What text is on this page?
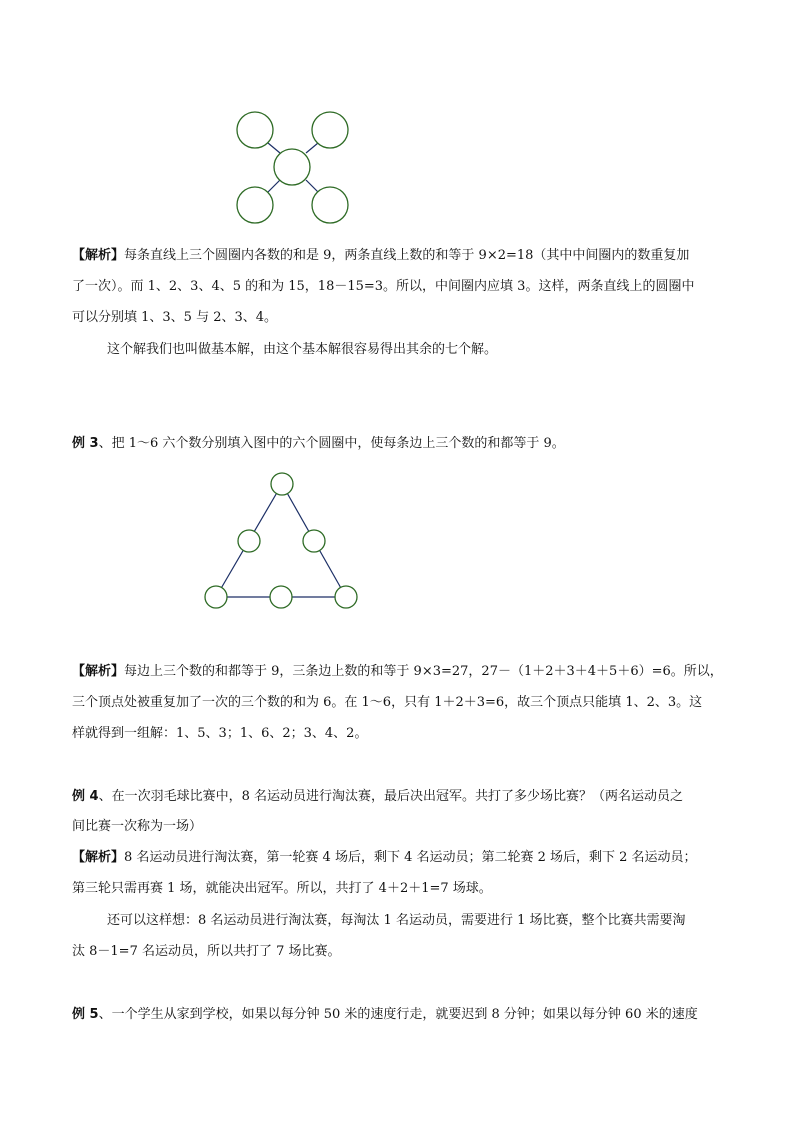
【解析】每条直线上三个圆圈内各数的和是 9，两条直线上数的和等于 9×2=18（其中中间圈内的数重复加
了一次）。而 1、2、3、4、5 的和为 15，18－15=3。所以，中间圈内应填 3。这样，两条直线上的圆圈中
可以分别填 1、3、5 与 2、3、4。
这个解我们也叫做基本解，由这个基本解很容易得出其余的七个解。
例 3、把 1～6 六个数分别填入图中的六个圆圈中，使每条边上三个数的和都等于 9。
【解析】每边上三个数的和都等于 9，三条边上数的和等于 9×3=27，27－（1＋2＋3＋4＋5＋6）=6。所以，
三个顶点处被重复加了一次的三个数的和为 6。在 1～6，只有 1＋2＋3=6，故三个顶点只能填 1、2、3。这
样就得到一组解：1、5、3；1、6、2；3、4、2。
例 4、在一次羽毛球比赛中，8 名运动员进行淘汰赛，最后决出冠军。共打了多少场比赛？（两名运动员之
间比赛一次称为一场）
【解析】8 名运动员进行淘汰赛，第一轮赛 4 场后，剩下 4 名运动员；第二轮赛 2 场后，剩下 2 名运动员；
第三轮只需再赛 1 场，就能决出冠军。所以，共打了 4＋2＋1=7 场球。
还可以这样想：8 名运动员进行淘汰赛，每淘汰 1 名运动员，需要进行 1 场比赛，整个比赛共需要淘
汰 8－1=7 名运动员，所以共打了 7 场比赛。
例 5、一个学生从家到学校，如果以每分钟 50 米的速度行走，就要迟到 8 分钟；如果以每分钟 60 米的速度
